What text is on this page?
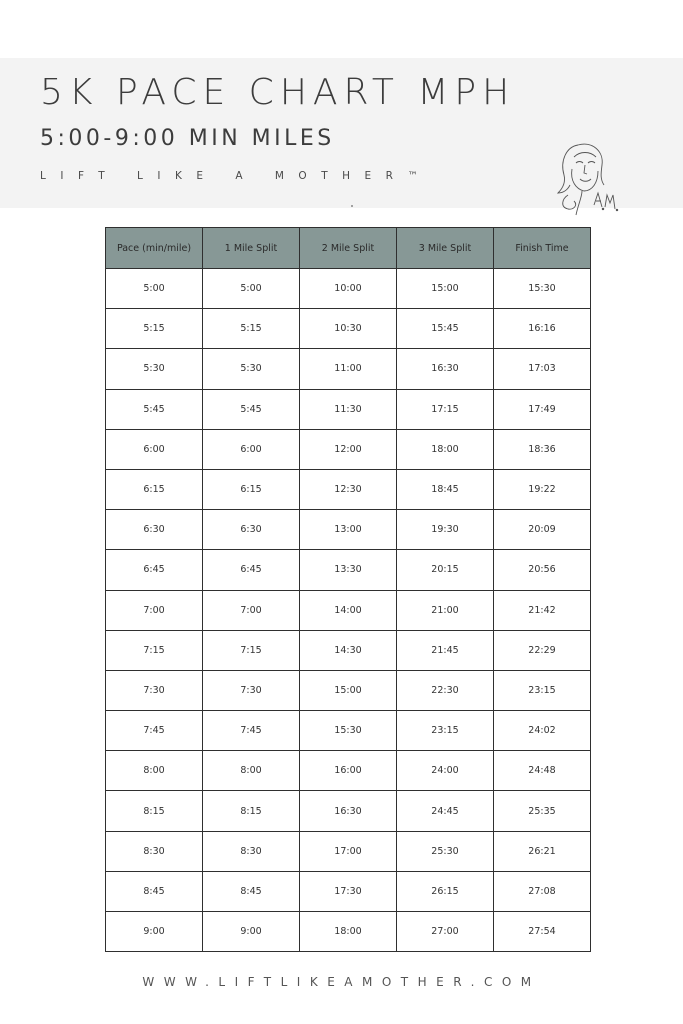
5K PACE CHART MPH
5:00-9:00 MIN MILES

LIFT LIKE A MOTHER™

Pace (min/mile)	1 Mile Split	2 Mile Split	3 Mile Split	Finish Time
5:00	5:00	10:00	15:00	15:30
5:15	5:15	10:30	15:45	16:16
5:30	5:30	11:00	16:30	17:03
5:45	5:45	11:30	17:15	17:49
6:00	6:00	12:00	18:00	18:36
6:15	6:15	12:30	18:45	19:22
6:30	6:30	13:00	19:30	20:09
6:45	6:45	13:30	20:15	20:56
7:00	7:00	14:00	21:00	21:42
7:15	7:15	14:30	21:45	22:29
7:30	7:30	15:00	22:30	23:15
7:45	7:45	15:30	23:15	24:02
8:00	8:00	16:00	24:00	24:48
8:15	8:15	16:30	24:45	25:35
8:30	8:30	17:00	25:30	26:21
8:45	8:45	17:30	26:15	27:08
9:00	9:00	18:00	27:00	27:54

WWW.LIFTLIKEAMOTHER.COM
